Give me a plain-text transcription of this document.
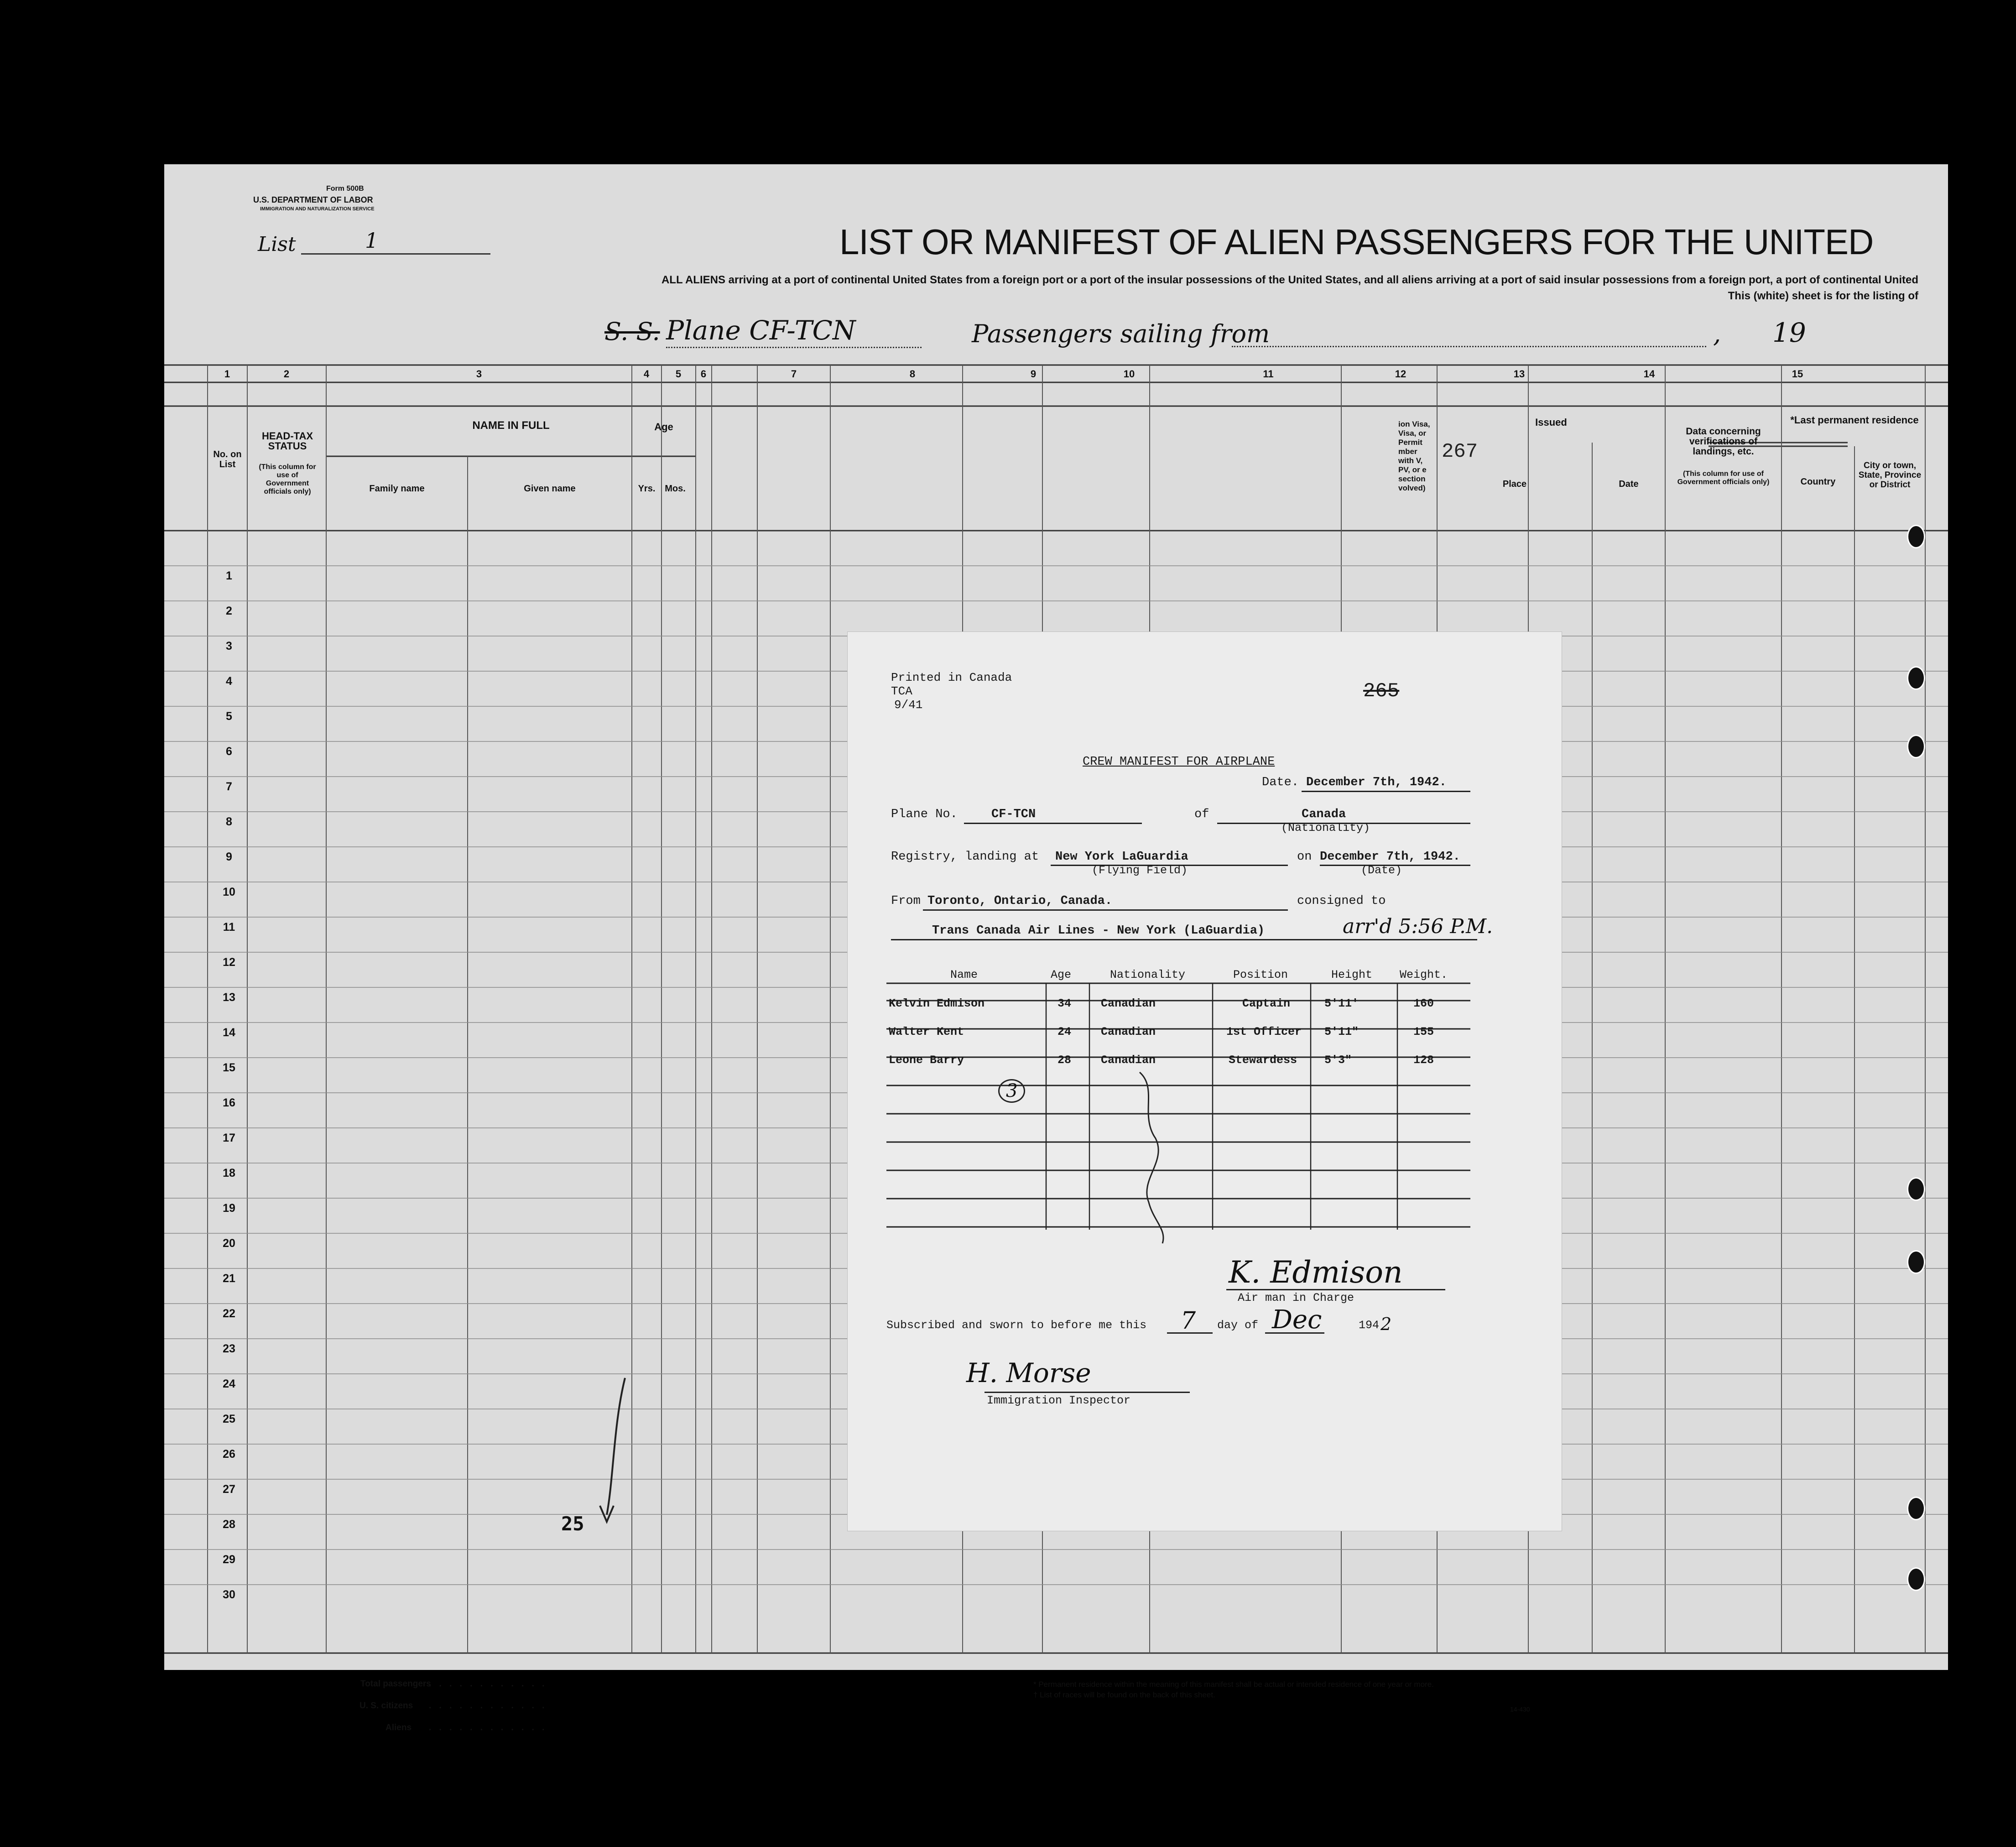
Form 500B
U.S. DEPARTMENT OF LABOR
IMMIGRATION AND NATURALIZATION SERVICE
List	1	LIST OR MANIFEST OF ALIEN PASSENGERS FOR THE UNITED
ALL ALIENS arriving at a port of continental United States from a foreign port or a port of the insular possessions of the United States, and all aliens arriving at a port of said insular possessions from a foreign port, a port of continental United
This (white) sheet is for the listing of
S. S. Plane CF-TCN	Passengers sailing from	, 19
1	2	3	4	5	6	7	8	9	10	11	12	13	14	15
No. on List
HEAD-TAX STATUS
(This column for use of Government officials only)
NAME IN FULL
Family name	Given name
Age
Yrs.	Mos.
ion Visa, Visa, or Permit mber with V, PV, or e section volved)
Issued
Place	Date
Data concerning verifications of landings, etc.
(This column for use of Government officials only)
*Last permanent residence
Country
City or town, State, Province or District
1
2
3
4
5
6
7
8
9
10
11
12
13
14
15
16
17
18
19
20
21
22
23
24
25
26
27
28
29
30
25
267
Total passengers
. . . . . . . . . . . .
U. S. citizens . . . . . . . . . . . .
Aliens . . . . . . . . . . . .
* Permanent residence within the meaning of this manifest shall be actual or intended residence of one year or more.
† List of races will be found on the back of this sheet.
14-430
Printed in Canada
TCA
9/41
265
CREW MANIFEST FOR AIRPLANE
Date. December 7th, 1942.
Plane No.	CF-TCN	of	Canada
(Nationality)
Registry, landing at New York LaGuardia
(Flying Field)
on December 7th, 1942.
(Date)
From Toronto, Ontario, Canada.	consigned to
Trans Canada Air Lines - New York (LaGuardia)	arr'd 5:56 P.M.
Name	Age	Nationality	Position	Height Weight.
Kelvin Edmison	34	Canadian	Captain	5'11'	160
Walter Kent	24	Canadian	1st Officer 5'11"	155
Leone Barry	28	Canadian	Stewardess 5'3"	128
3
K. Edmison
Air man in Charge
Subscribed and sworn to before me this 7 day of Dec	194 2
H. Morse
Immigration Inspector
